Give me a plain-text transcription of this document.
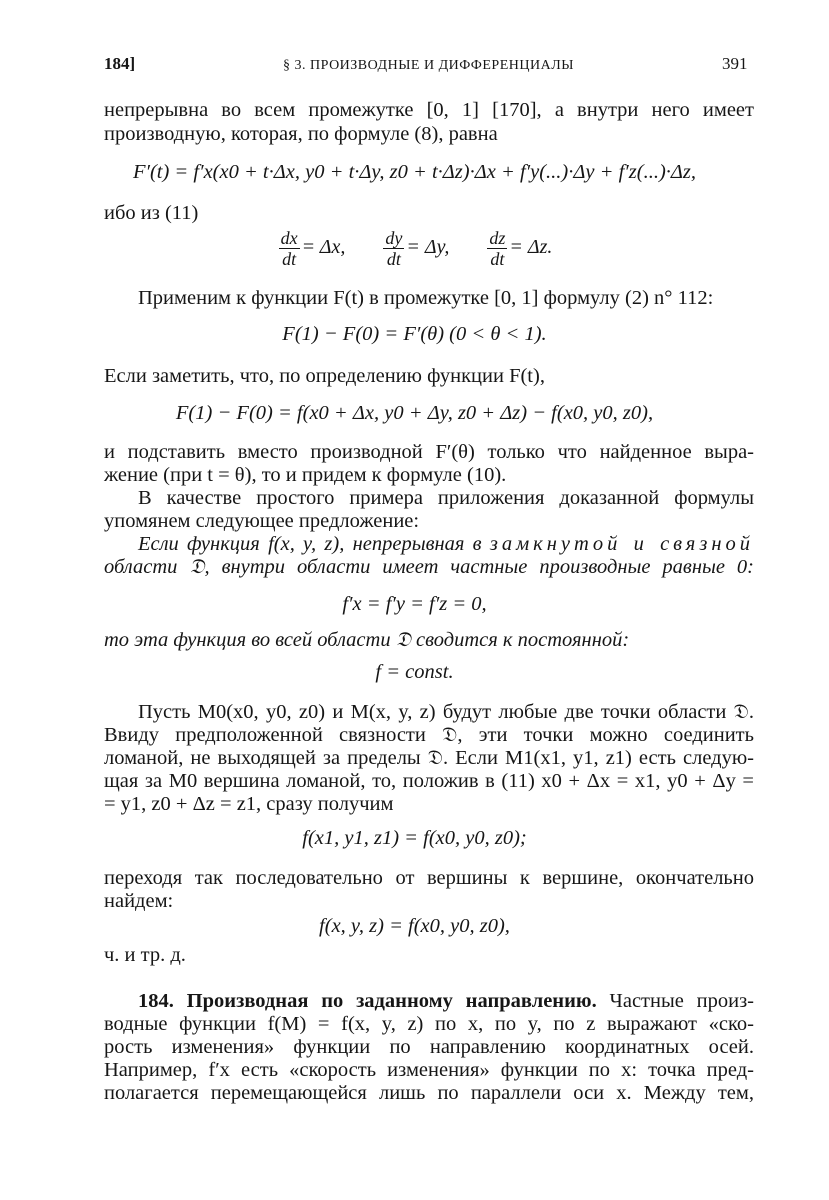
184]	§ 3. ПРОИЗВОДНЫЕ И ДИФФЕРЕНЦИАЛЫ	391
непрерывна во всем промежутке [0, 1] [170], а внутри него имеет
производную, которая, по формуле (8), равна
F′(t) = f′x(x0 + t·Δx, y0 + t·Δy, z0 + t·Δz)·Δx + f′y(...)·Δy + f′z(...)·Δz,
ибо из (11)
$\frac{dx}{dt} = \Delta x$, $\frac{dy}{dt} = \Delta y$, $\frac{dz}{dt} = \Delta z$.
Применим к функции F(t) в промежутке [0, 1] формулу (2) n° 112:
F(1) − F(0) = F′(θ) (0 < θ < 1).
Если заметить, что, по определению функции F(t),
F(1) − F(0) = f(x0 + Δx, y0 + Δy, z0 + Δz) − f(x0, y0, z0),
и подставить вместо производной F′(θ) только что найденное выра-
жение (при t = θ), то и придем к формуле (10).
В качестве простого примера приложения доказанной формулы
упомянем следующее предложение:
Если функция f(x, y, z), непрерывная в замкнутой и связной
области 𝔇, внутри области имеет частные производные равные 0:
f′x = f′y = f′z = 0,
то эта функция во всей области 𝔇 сводится к постоянной:
f = const.
Пусть M0(x0, y0, z0) и M(x, y, z) будут любые две точки области 𝔇.
Ввиду предположенной связности 𝔇, эти точки можно соединить
ломаной, не выходящей за пределы 𝔇. Если M1(x1, y1, z1) есть следую-
щая за M0 вершина ломаной, то, положив в (11) x0 + Δx = x1, y0 + Δy =
= y1, z0 + Δz = z1, сразу получим
f(x1, y1, z1) = f(x0, y0, z0);
переходя так последовательно от вершины к вершине, окончательно
найдем:
f(x, y, z) = f(x0, y0, z0),
ч. и тр. д.
184. Производная по заданному направлению. Частные произ-
водные функции f(M) = f(x, y, z) по x, по y, по z выражают «ско-
рость изменения» функции по направлению координатных осей.
Например, f′x есть «скорость изменения» функции по x: точка пред-
полагается перемещающейся лишь по параллели оси x. Между тем,
